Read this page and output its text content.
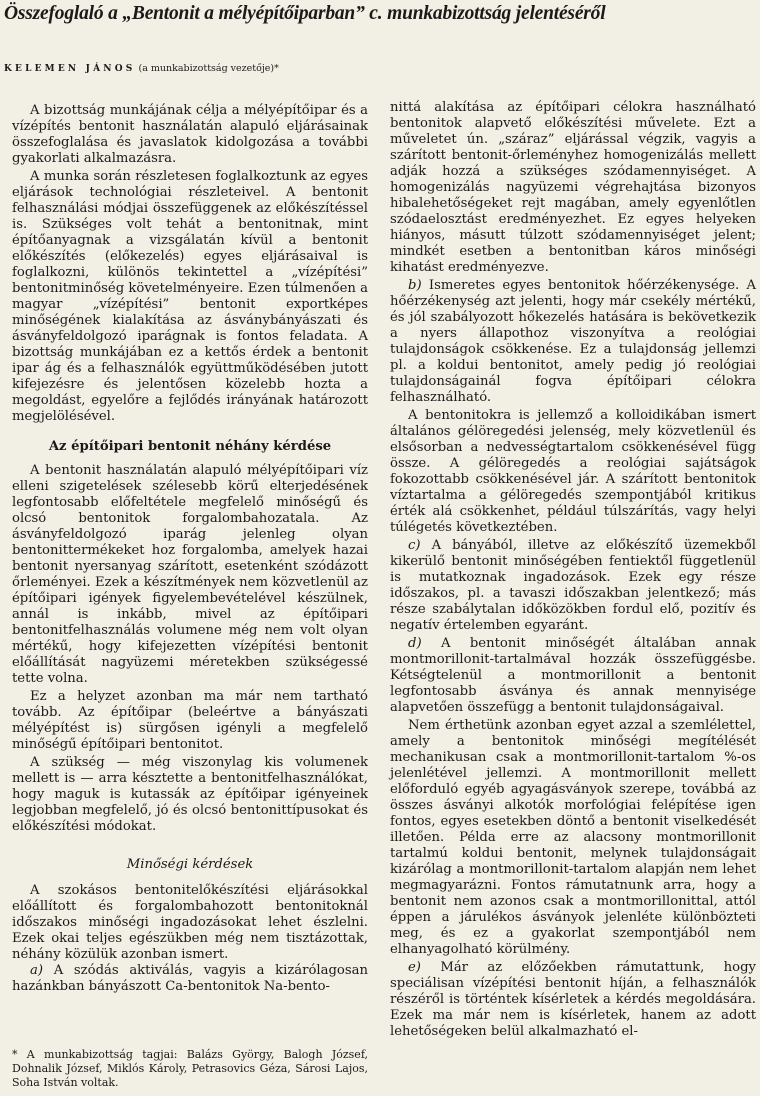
Összefoglaló a „Bentonit a mélyépítőiparban” c. munkabizottság jelentéséről

KELEMEN JÁNOS (a munkabizottság vezetője)*

A bizottság munkájának célja a mélyépítőipar és a vízépítés bentonit használatán alapuló eljárásainak összefoglalása és javaslatok kidolgozása a további gyakorlati alkalmazásra.

A munka során részletesen foglalkoztunk az egyes eljárások technológiai részleteivel. A bentonit felhasználási módjai összefüggenek az előkészítéssel is. Szükséges volt tehát a bentonitnak, mint építőanyagnak a vizsgálatán kívül a bentonit előkészítés (előkezelés) egyes eljárásaival is foglalkozni, különös tekintettel a „vízépítési” bentonitminőség követelményeire. Ezen túlmenően a magyar „vízépítési” bentonit exportképes minőségének kialakítása az ásványbányászati és ásványfeldolgozó iparágnak is fontos feladata. A bizottság munkájában ez a kettős érdek a bentonit ipar ág és a felhasználók együttműködésében jutott kifejezésre és jelentősen közelebb hozta a megoldást, egyelőre a fejlődés irányának határozott megjelölésével.

Az építőipari bentonit néhány kérdése

A bentonit használatán alapuló mélyépítőipari víz elleni szigetelések szélesebb körű elterjedésének legfontosabb előfeltétele megfelelő minőségű és olcsó bentonitok forgalombahozatala. Az ásványfeldolgozó iparág jelenleg olyan bentonittermékeket hoz forgalomba, amelyek hazai bentonit nyersanyag szárított, esetenként szódázott őrleményei. Ezek a készítmények nem közvetlenül az építőipari igények figyelembevételével készülnek, annál is inkább, mivel az építőipari bentonitfelhasználás volumene még nem volt olyan mértékű, hogy kifejezetten vízépítési bentonit előállítását nagyüzemi méretekben szükségessé tette volna.

Ez a helyzet azonban ma már nem tartható tovább. Az építőipar (beleértve a bányászati mélyépítést is) sürgősen igényli a megfelelő minőségű építőipari bentonitot.

A szükség — még viszonylag kis volumenek mellett is — arra késztette a bentonitfelhasználókat, hogy maguk is kutassák az építőipar igényeinek legjobban megfelelő, jó és olcsó bentonittípusokat és előkészítési módokat.

Minőségi kérdések

A szokásos bentonitelőkészítési eljárásokkal előállított és forgalombahozott bentonitoknál időszakos minőségi ingadozásokat lehet észlelni. Ezek okai teljes egészükben még nem tisztázottak, néhány közülük azonban ismert.

a) A szódás aktiválás, vagyis a kizárólagosan hazánkban bányászott Ca-bentonitok Na-bento-

* A munkabizottság tagjai: Balázs György, Balogh József, Dohnalik József, Miklós Károly, Petrasovics Géza, Sárosi Lajos, Soha István voltak.

nittá alakítása az építőipari célokra használható bentonitok alapvető előkészítési művelete. Ezt a műveletet ún. „száraz” eljárással végzik, vagyis a szárított bentonit-őrleményhez homogenizálás mellett adják hozzá a szükséges szódamennyiséget. A homogenizálás nagyüzemi végrehajtása bizonyos hibalehetőségeket rejt magában, amely egyenlőtlen szódaelosztást eredményezhet. Ez egyes helyeken hiányos, másutt túlzott szódamennyiséget jelent; mindkét esetben a bentonitban káros minőségi kihatást eredményezve.

b) Ismeretes egyes bentonitok hőérzékenysége. A hőérzékenység azt jelenti, hogy már csekély mértékű, és jól szabályozott hőkezelés hatására is bekövetkezik a nyers állapothoz viszonyítva a reológiai tulajdonságok csökkenése. Ez a tulajdonság jellemzi pl. a koldui bentonitot, amely pedig jó reológiai tulajdonságainál fogva építőipari célokra felhasználható.

A bentonitokra is jellemző a kolloidikában ismert általános gélöregedési jelenség, mely közvetlenül és elsősorban a nedvességtartalom csökkenésével függ össze. A gélöregedés a reológiai sajátságok fokozottabb csökkenésével jár. A szárított bentonitok víztartalma a gélöregedés szempontjából kritikus érték alá csökkenhet, például túlszárítás, vagy helyi túlégetés következtében.

c) A bányából, illetve az előkészítő üzemekből kikerülő bentonit minőségében fentiektől függetlenül is mutatkoznak ingadozások. Ezek egy része időszakos, pl. a tavaszi időszakban jelentkező; más része szabálytalan időközökben fordul elő, pozitív és negatív értelemben egyaránt.

d) A bentonit minőségét általában annak montmorillonit-tartalmával hozzák összefüggésbe. Kétségtelenül a montmorillonit a bentonit legfontosabb ásványa és annak mennyisége alapvetően összefügg a bentonit tulajdonságaival.

Nem érthetünk azonban egyet azzal a szemlélettel, amely a bentonitok minőségi megítélését mechanikusan csak a montmorillonit-tartalom %-os jelenlétével jellemzi. A montmorillonit mellett előforduló egyéb agyagásványok szerepe, továbbá az összes ásványi alkotók morfológiai felépítése igen fontos, egyes esetekben döntő a bentonit viselkedését illetően. Példa erre az alacsony montmorillonit tartalmú koldui bentonit, melynek tulajdonságait kizárólag a montmorillonit-tartalom alapján nem lehet megmagyarázni. Fontos rámutatnunk arra, hogy a bentonit nem azonos csak a montmorillonittal, attól éppen a járulékos ásványok jelenléte különbözteti meg, és ez a gyakorlat szempontjából nem elhanyagolható körülmény.

e) Már az előzőekben rámutattunk, hogy speciálisan vízépítési bentonit híján, a felhasználók részéről is történtek kísérletek a kérdés megoldására. Ezek ma már nem is kísérletek, hanem az adott lehetőségeken belül alkalmazható el-
